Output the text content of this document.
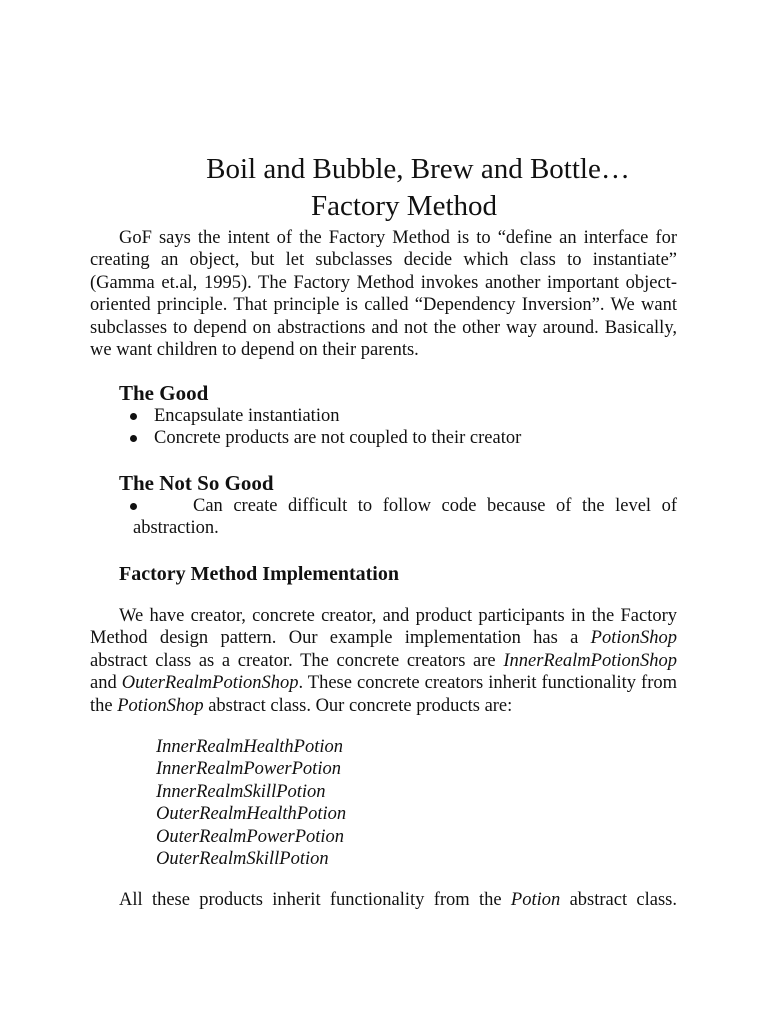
Boil and Bubble, Brew and Bottle…
Factory Method

GoF says the intent of the Factory Method is to “define an interface for creating an object, but let subclasses decide which class to instantiate” (Gamma et.al, 1995). The Factory Method invokes another important object-oriented principle. That principle is called “Dependency Inversion”. We want subclasses to depend on abstractions and not the other way around. Basically, we want children to depend on their parents.

The Good
Encapsulate instantiation
Concrete products are not coupled to their creator
The Not So Good

Can create difficult to follow code because of the level of abstraction.

Factory Method Implementation

We have creator, concrete creator, and product participants in the Factory Method design pattern. Our example implementation has a PotionShop abstract class as a creator. The concrete creators are InnerRealmPotionShop and OuterRealmPotionShop. These concrete creators inherit functionality from the PotionShop abstract class. Our concrete products are:

InnerRealmHealthPotion
InnerRealmPowerPotion
InnerRealmSkillPotion
OuterRealmHealthPotion
OuterRealmPowerPotion
OuterRealmSkillPotion

All these products inherit functionality from the Potion abstract class.
